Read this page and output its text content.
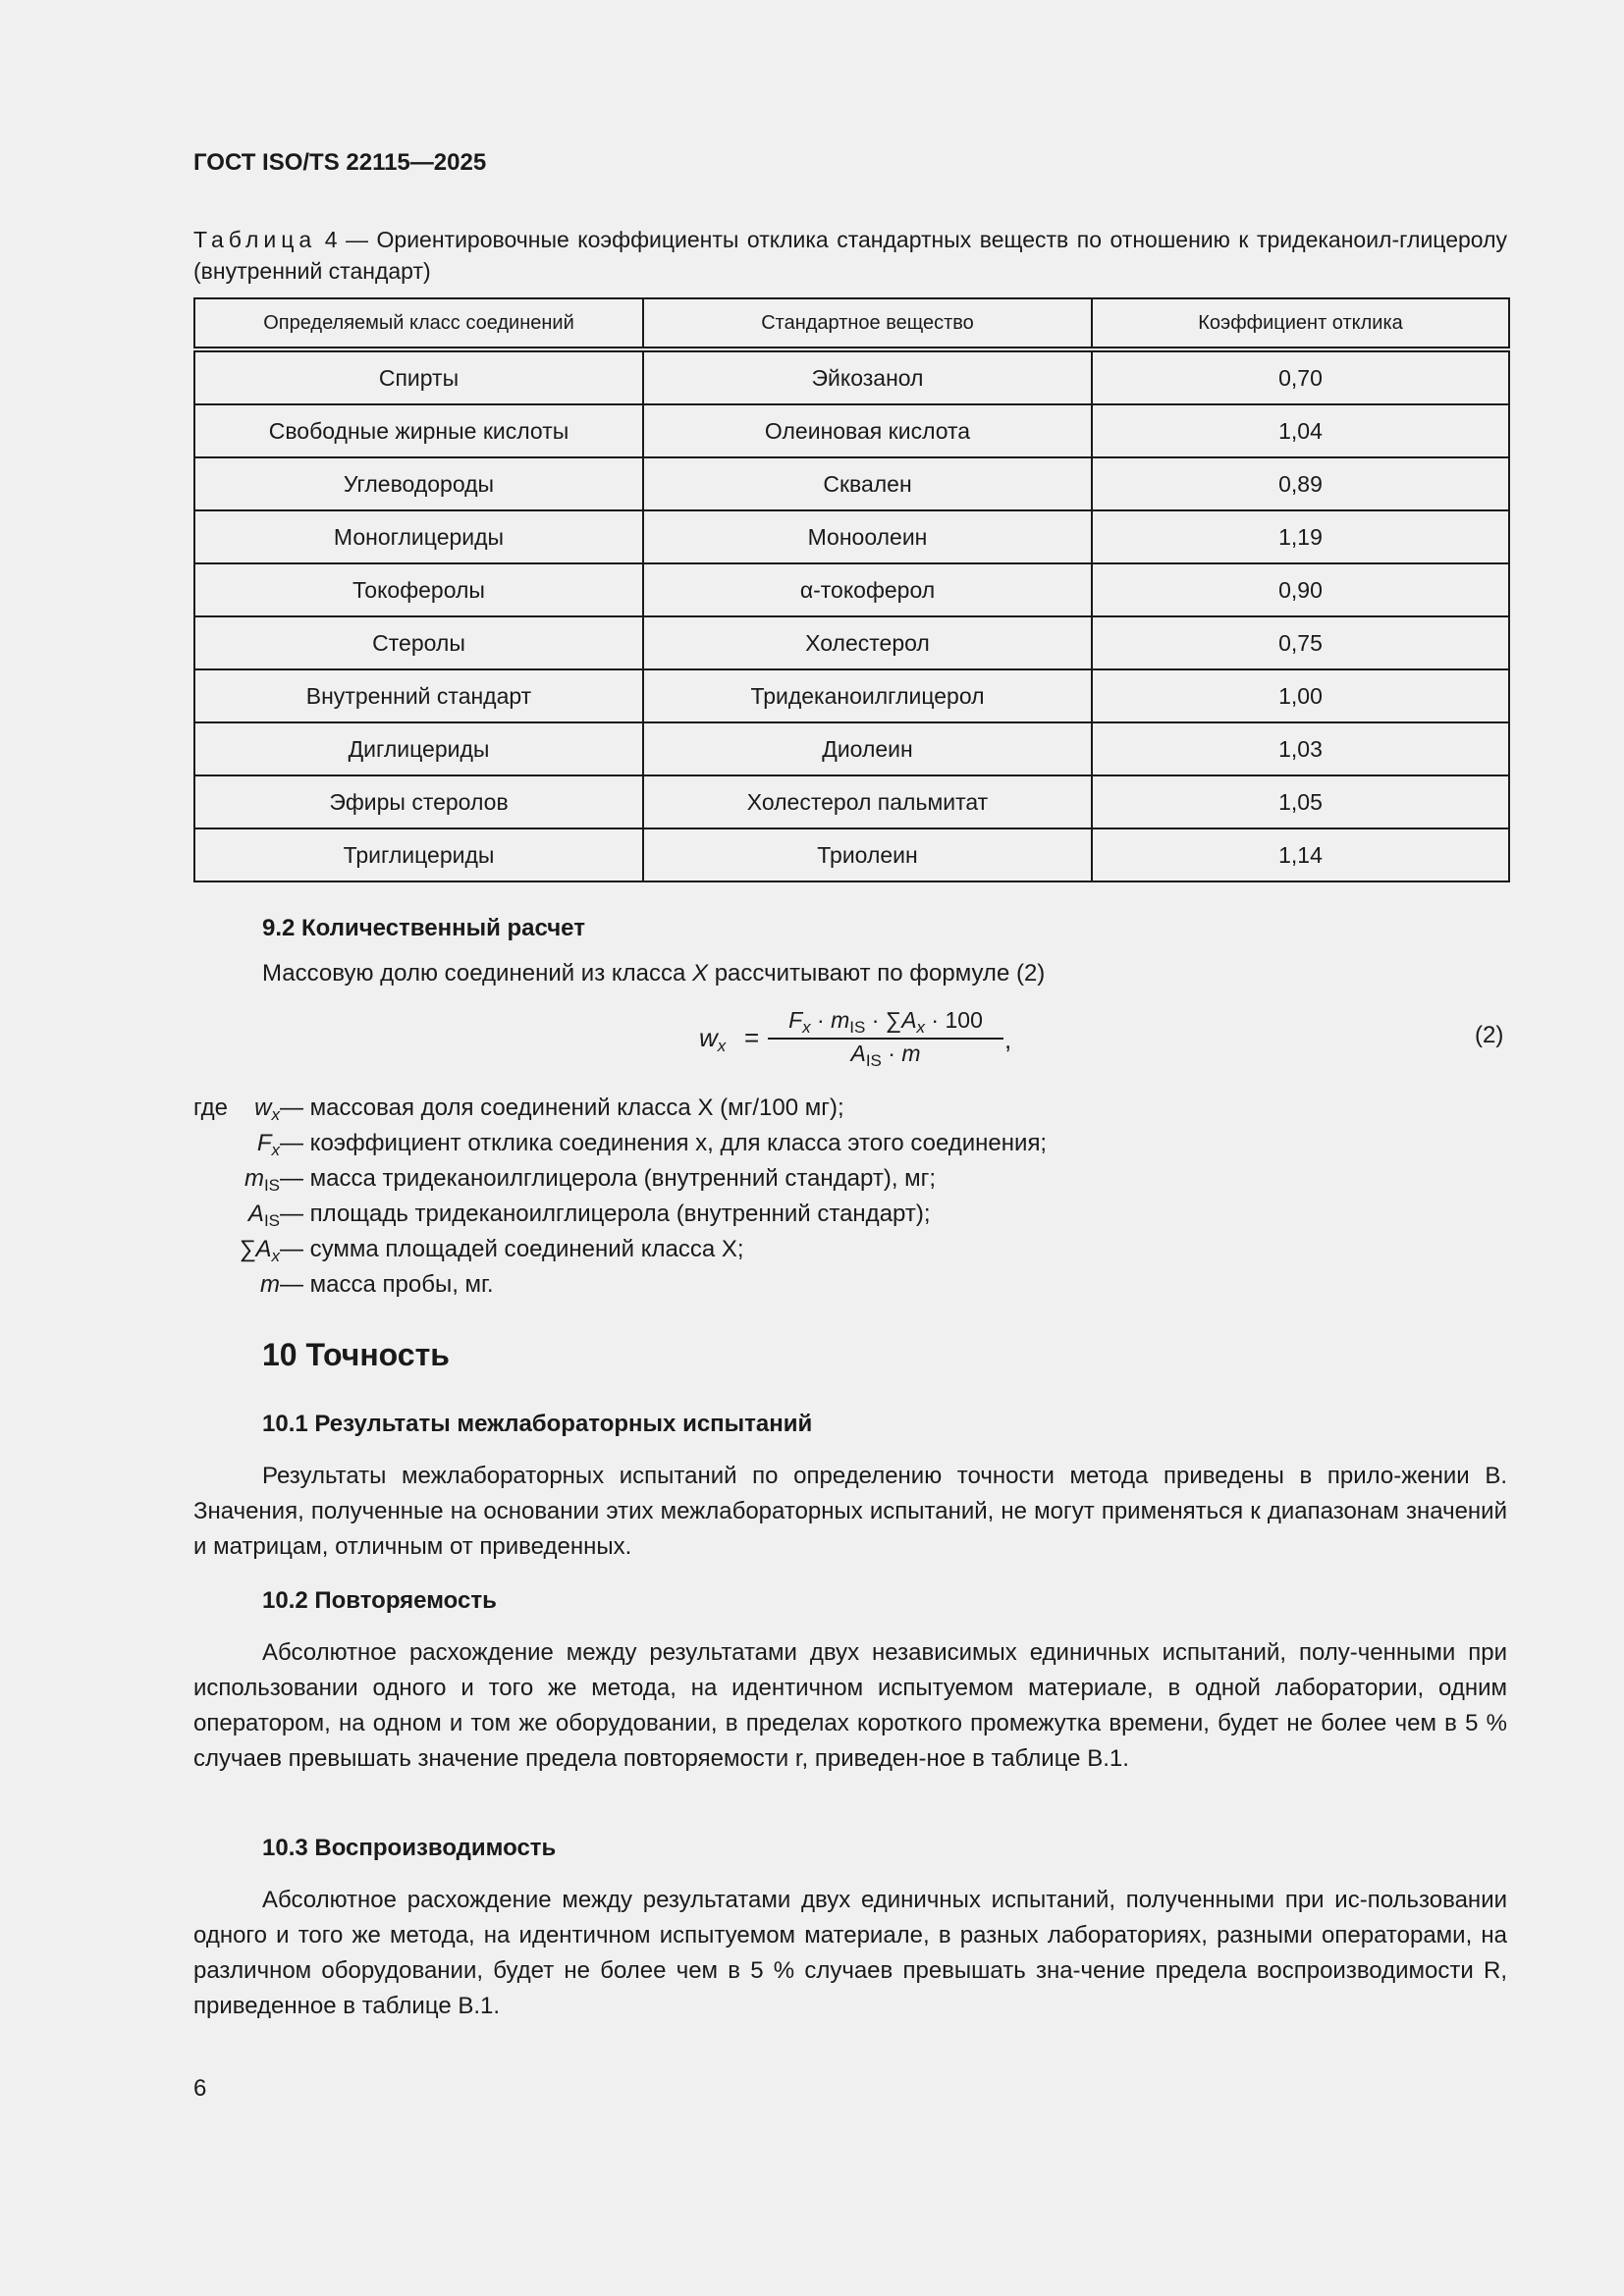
ГОСТ ISO/TS 22115—2025
Таблица 4 — Ориентировочные коэффициенты отклика стандартных веществ по отношению к тридеканоил-глицеролу (внутренний стандарт)
Определяемый класс соединений	Стандартное вещество	Коэффициент отклика
Спирты	Эйкозанол	0,70
Свободные жирные кислоты	Олеиновая кислота	1,04
Углеводороды	Сквален	0,89
Моноглицериды	Моноолеин	1,19
Токоферолы	α-токоферол	0,90
Стеролы	Холестерол	0,75
Внутренний стандарт	Тридеканоилглицерол	1,00
Диглицериды	Диолеин	1,03
Эфиры стеролов	Холестерол пальмитат	1,05
Триглицериды	Триолеин	1,14
9.2 Количественный расчет
Массовую долю соединений из класса X рассчитывают по формуле (2)
$w_x$ =
$F_x \cdot m_{IS} \cdot \sum A_x \cdot 100$
$A_{IS} \cdot m$	,	(2)
где	$w_x$ — массовая доля соединений класса X (мг/100 мг);
$F_x$ — коэффициент отклика соединения x, для класса этого соединения;
$m_{IS}$ — масса тридеканоилглицерола (внутренний стандарт), мг;
$A_{IS}$ — площадь тридеканоилглицерола (внутренний стандарт);
$\sum A_x$ — сумма площадей соединений класса X;
m — масса пробы, мг.
10 Точность
10.1 Результаты межлабораторных испытаний

Результаты межлабораторных испытаний по определению точности метода приведены в прило-жении В. Значения, полученные на основании этих межлабораторных испытаний, не могут применяться к диапазонам значений и матрицам, отличным от приведенных.

10.2 Повторяемость

Абсолютное расхождение между результатами двух независимых единичных испытаний, полу-ченными при использовании одного и того же метода, на идентичном испытуемом материале, в одной лаборатории, одним оператором, на одном и том же оборудовании, в пределах короткого промежутка времени, будет не более чем в 5 % случаев превышать значение предела повторяемости r, приведен-ное в таблице В.1.

10.3 Воспроизводимость

Абсолютное расхождение между результатами двух единичных испытаний, полученными при ис-пользовании одного и того же метода, на идентичном испытуемом материале, в разных лабораториях, разными операторами, на различном оборудовании, будет не более чем в 5 % случаев превышать зна-чение предела воспроизводимости R, приведенное в таблице В.1.

6
